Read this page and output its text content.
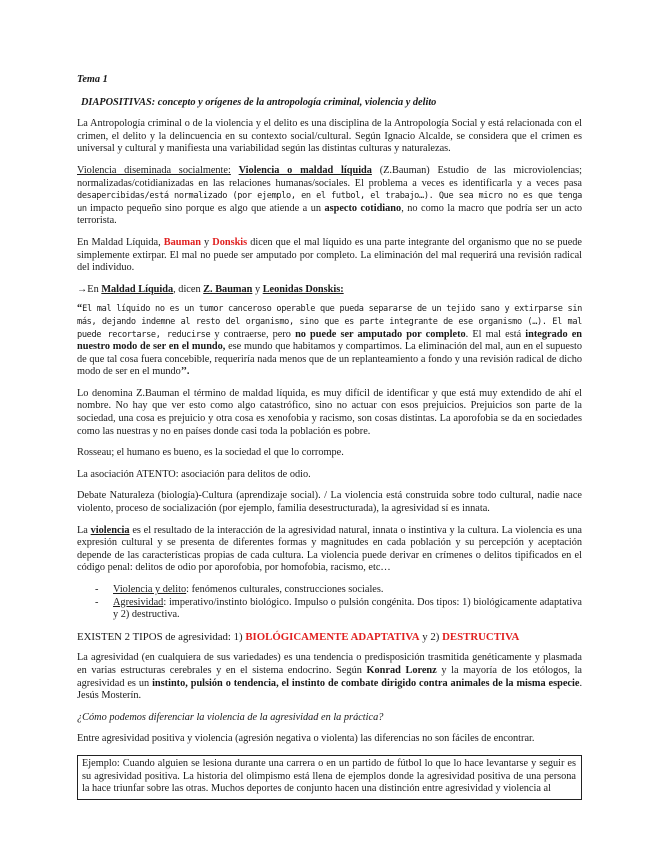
Tema 1

DIAPOSITIVAS: concepto y orígenes de la antropología criminal, violencia y delito

La Antropología criminal o de la violencia y el delito es una disciplina de la Antropología Social y está relacionada con el crimen, el delito y la delincuencia en su contexto social/cultural. Según Ignacio Alcalde, se considera que el crimen es universal y cultural y manifiesta una variabilidad según las distintas culturas y naturalezas.

Violencia diseminada socialmente: Violencia o maldad líquida (Z.Bauman) Estudio de las microviolencias; normalizadas/cotidianizadas en las relaciones humanas/sociales. El problema a veces es identificarla y a veces pasa desapercibidas/está normalizado (por ejemplo, en el futbol, el trabajo…). Que sea micro no es que tenga un impacto pequeño sino porque es algo que atiende a un aspecto cotidiano, no como la macro que podría ser un acto terrorista.

En Maldad Líquida, Bauman y Donskis dicen que el mal líquido es una parte integrante del organismo que no se puede simplemente extirpar. El mal no puede ser amputado por completo. La eliminación del mal requerirá una revisión radical del individuo.

→En Maldad Líquida, dicen Z. Bauman y Leonidas Donskis:

“El mal líquido no es un tumor canceroso operable que pueda separarse de un tejido sano y extirparse sin más, dejando indemne al resto del organismo, sino que es parte integrante de ese organismo (…). El mal puede recortarse, reducirse y contraerse, pero no puede ser amputado por completo. El mal está integrado en nuestro modo de ser en el mundo, ese mundo que habitamos y compartimos. La eliminación del mal, aun en el supuesto de que tal cosa fuera concebible, requeriría nada menos que de un replanteamiento a fondo y una revisión radical de dicho modo de ser en el mundo’’.

Lo denomina Z.Bauman el término de maldad líquida, es muy difícil de identificar y que está muy extendido de ahí el nombre. No hay que ver esto como algo catastrófico, sino no actuar con esos prejuicios. Prejuicios son parte de la sociedad, una cosa es prejuicio y otra cosa es xenofobia y racismo, son cosas distintas. La aporofobia se da en sociedades como las nuestras y no en países donde casi toda la población es pobre.

Rosseau; el humano es bueno, es la sociedad el que lo corrompe.

La asociación ATENTO: asociación para delitos de odio.

Debate Naturaleza (biología)-Cultura (aprendizaje social). / La violencia está construida sobre todo cultural, nadie nace violento, proceso de socialización (por ejemplo, familia desestructurada), la agresividad sí es innata.

La violencia es el resultado de la interacción de la agresividad natural, innata o instintiva y la cultura. La violencia es una expresión cultural y se presenta de diferentes formas y magnitudes en cada población y su percepción y aceptación depende de las características propias de cada cultura. La violencia puede derivar en crímenes o delitos tipificados en el código penal: delitos de odio por aporofobia, por homofobia, racismo, etc…

- Violencia y delito: fenómenos culturales, construcciones sociales.
- Agresividad: imperativo/instinto biológico. Impulso o pulsión congénita. Dos tipos: 1) biológicamente adaptativa y 2) destructiva.

EXISTEN 2 TIPOS de agresividad: 1) BIOLÓGICAMENTE ADAPTATIVA y 2) DESTRUCTIVA

La agresividad (en cualquiera de sus variedades) es una tendencia o predisposición trasmitida genéticamente y plasmada en varias estructuras cerebrales y en el sistema endocrino. Según Konrad Lorenz y la mayoría de los etólogos, la agresividad es un instinto, pulsión o tendencia, el instinto de combate dirigido contra animales de la misma especie. Jesús Mosterín.

¿Cómo podemos diferenciar la violencia de la agresividad en la práctica?

Entre agresividad positiva y violencia (agresión negativa o violenta) las diferencias no son fáciles de encontrar.

Ejemplo: Cuando alguien se lesiona durante una carrera o en un partido de fútbol lo que lo hace levantarse y seguir es su agresividad positiva. La historia del olimpismo está llena de ejemplos donde la agresividad positiva de una persona la hace triunfar sobre las otras. Muchos deportes de conjunto hacen una distinción entre agresividad y violencia al
